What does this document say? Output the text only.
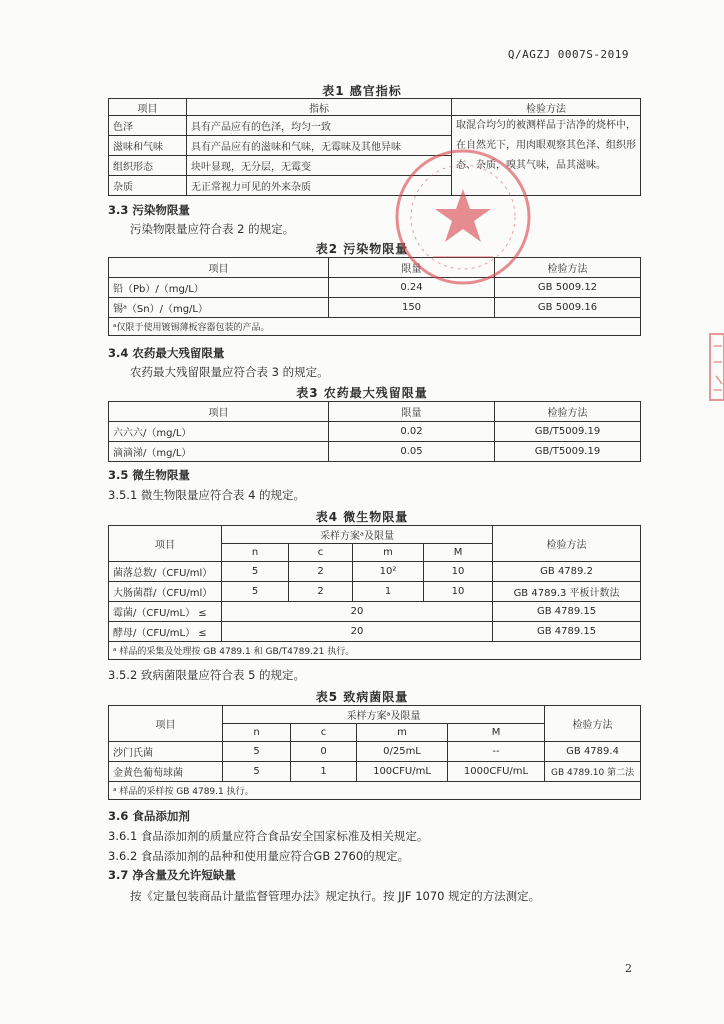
Q/AGZJ 0007S-2019
表1 感官指标
项目	指标	检验方法
色泽	具有产品应有的色泽，均匀一致	取混合均匀的被测样品于洁净的烧杯中，在自然光下，用肉眼观察其色泽、组织形态、杂质，嗅其气味，品其滋味。
滋味和气味	具有产品应有的滋味和气味，无霉味及其他异味	
组织形态	块叶显现，无分层，无霉变	
杂质	无正常视力可见的外来杂质	
3.3 污染物限量
污染物限量应符合表 2 的规定。
表2 污染物限量
项目	限量	检验方法
铅（Pb）/（mg/L）	0.24	GB 5009.12
锡ᵃ（Sn）/（mg/L）	150	GB 5009.16
ᵃ仅限于使用镀锡薄板容器包装的产品。		
3.4 农药最大残留限量
农药最大残留限量应符合表 3 的规定。
表3 农药最大残留限量
项目	限量	检验方法
六六六/（mg/L）	0.02	GB/T5009.19
滴滴涕/（mg/L）	0.05	GB/T5009.19
3.5 微生物限量
3.5.1 微生物限量应符合表 4 的规定。
表4 微生物限量
项目	采样方案ᵃ及限量				检验方法
	n	c	m	M	
菌落总数/（CFU/ml）	5	2	10²	10	GB 4789.2
大肠菌群/（CFU/ml）	5	2	1	10	GB 4789.3 平板计数法
霉菌/（CFU/mL） ≤	20				GB 4789.15
酵母/（CFU/mL） ≤	20				GB 4789.15
ᵃ 样品的采集及处理按 GB 4789.1 和 GB/T4789.21 执行。					
3.5.2 致病菌限量应符合表 5 的规定。
表5 致病菌限量
项目	采样方案ᵃ及限量				检验方法
	n	c	m	M	
沙门氏菌	5	0	0/25mL	--	GB 4789.4
金黄色葡萄球菌	5	1	100CFU/mL	1000CFU/mL	GB 4789.10 第二法
ᵃ 样品的采样按 GB 4789.1 执行。					
3.6 食品添加剂
3.6.1 食品添加剂的质量应符合食品安全国家标准及相关规定。
3.6.2 食品添加剂的品种和使用量应符合GB 2760的规定。
3.7 净含量及允许短缺量
按《定量包装商品计量监督管理办法》规定执行。按 JJF 1070 规定的方法测定。
2
